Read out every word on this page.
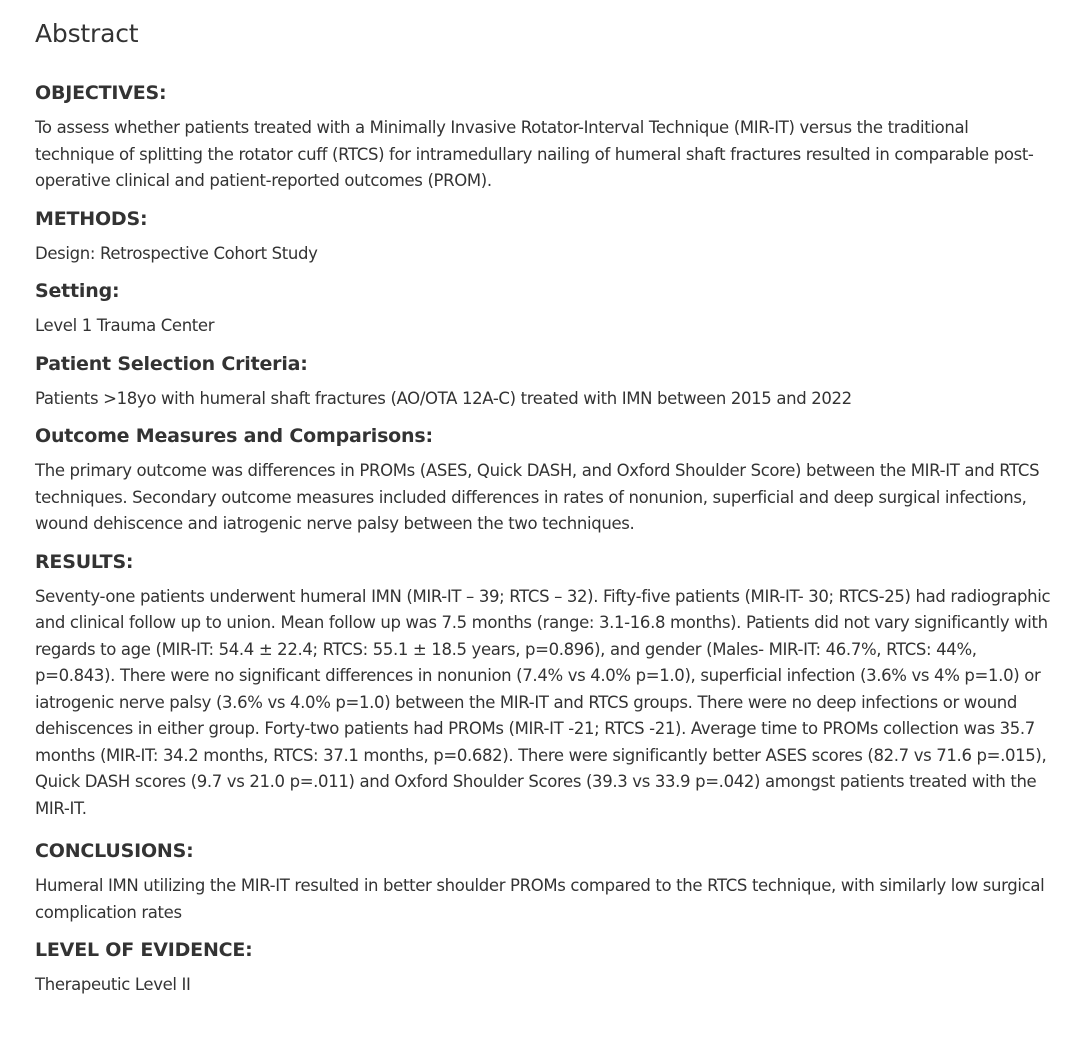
Abstract
OBJECTIVES:

To assess whether patients treated with a Minimally Invasive Rotator-Interval Technique (MIR-IT) versus the traditional technique of splitting the rotator cuff (RTCS) for intramedullary nailing of humeral shaft fractures resulted in comparable post-operative clinical and patient-reported outcomes (PROM).

METHODS:

Design: Retrospective Cohort Study

Setting:

Level 1 Trauma Center

Patient Selection Criteria:

Patients >18yo with humeral shaft fractures (AO/OTA 12A-C) treated with IMN between 2015 and 2022

Outcome Measures and Comparisons:

The primary outcome was differences in PROMs (ASES, Quick DASH, and Oxford Shoulder Score) between the MIR-IT and RTCS techniques. Secondary outcome measures included differences in rates of nonunion, superficial and deep surgical infections, wound dehiscence and iatrogenic nerve palsy between the two techniques.

RESULTS:

Seventy-one patients underwent humeral IMN (MIR-IT – 39; RTCS – 32). Fifty-five patients (MIR-IT- 30; RTCS-25) had radiographic and clinical follow up to union. Mean follow up was 7.5 months (range: 3.1-16.8 months). Patients did not vary significantly with regards to age (MIR-IT: 54.4 ± 22.4; RTCS: 55.1 ± 18.5 years, p=0.896), and gender (Males- MIR-IT: 46.7%, RTCS: 44%, p=0.843). There were no significant differences in nonunion (7.4% vs 4.0% p=1.0), superficial infection (3.6% vs 4% p=1.0) or iatrogenic nerve palsy (3.6% vs 4.0% p=1.0) between the MIR-IT and RTCS groups. There were no deep infections or wound dehiscences in either group. Forty-two patients had PROMs (MIR-IT -21; RTCS -21). Average time to PROMs collection was 35.7 months (MIR-IT: 34.2 months, RTCS: 37.1 months, p=0.682). There were significantly better ASES scores (82.7 vs 71.6 p=.015), Quick DASH scores (9.7 vs 21.0 p=.011) and Oxford Shoulder Scores (39.3 vs 33.9 p=.042) amongst patients treated with the MIR-IT.

CONCLUSIONS:

Humeral IMN utilizing the MIR-IT resulted in better shoulder PROMs compared to the RTCS technique, with similarly low surgical complication rates

LEVEL OF EVIDENCE:

Therapeutic Level II
